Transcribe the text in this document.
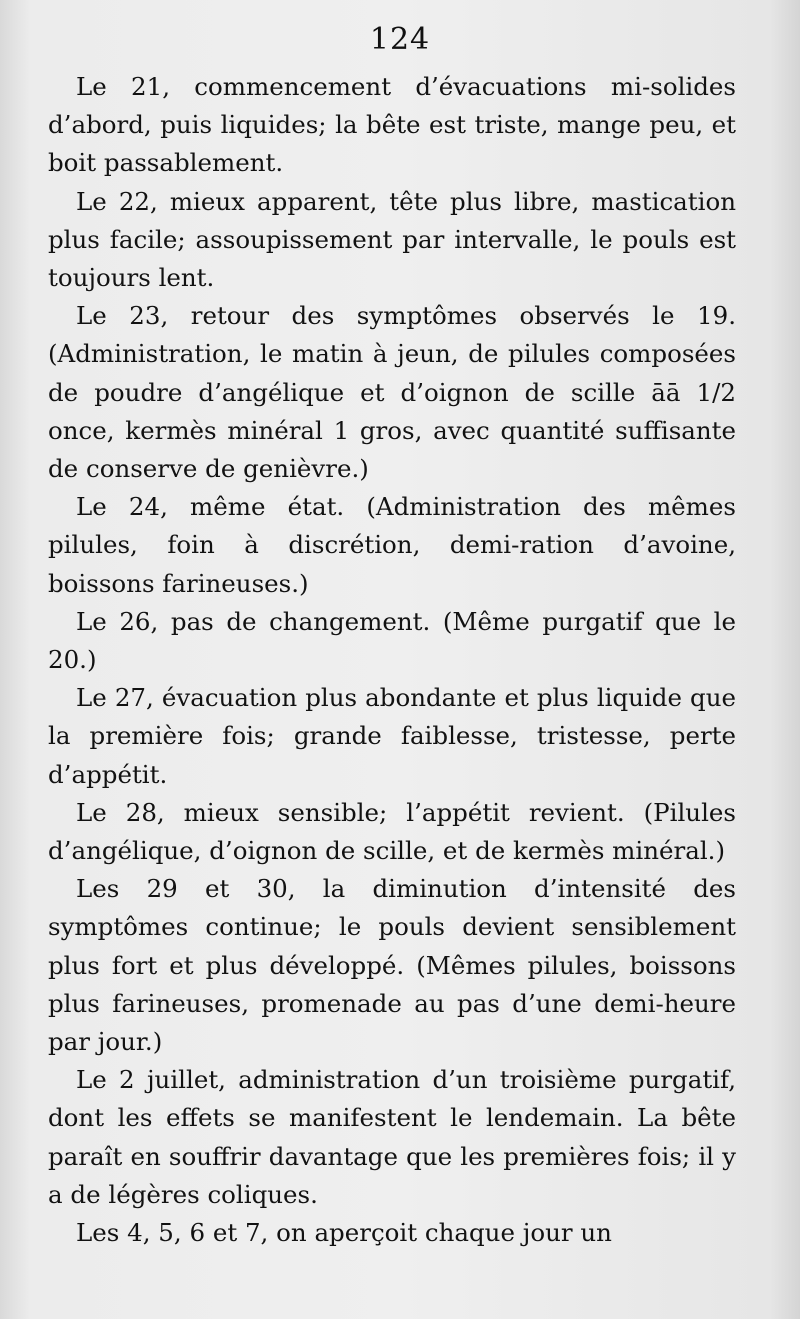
124

Le 21, commencement d’évacuations mi-solides d’abord, puis liquides; la bête est triste, mange peu, et boit passablement.

Le 22, mieux apparent, tête plus libre, mastication plus facile; assoupissement par intervalle, le pouls est toujours lent.

Le 23, retour des symptômes observés le 19. (Administration, le matin à jeun, de pilules composées de poudre d’angélique et d’oignon de scille āā 1/2 once, kermès minéral 1 gros, avec quantité suffisante de conserve de genièvre.)

Le 24, même état. (Administration des mêmes pilules, foin à discrétion, demi-ration d’avoine, boissons farineuses.)

Le 26, pas de changement. (Même purgatif que le 20.)

Le 27, évacuation plus abondante et plus liquide que la première fois; grande faiblesse, tristesse, perte d’appétit.

Le 28, mieux sensible; l’appétit revient. (Pilules d’angélique, d’oignon de scille, et de kermès minéral.)

Les 29 et 30, la diminution d’intensité des symptômes continue; le pouls devient sensiblement plus fort et plus développé. (Mêmes pilules, boissons plus farineuses, promenade au pas d’une demi-heure par jour.)

Le 2 juillet, administration d’un troisième purgatif, dont les effets se manifestent le lendemain. La bête paraît en souffrir davantage que les premières fois; il y a de légères coliques.

Les 4, 5, 6 et 7, on aperçoit chaque jour un
